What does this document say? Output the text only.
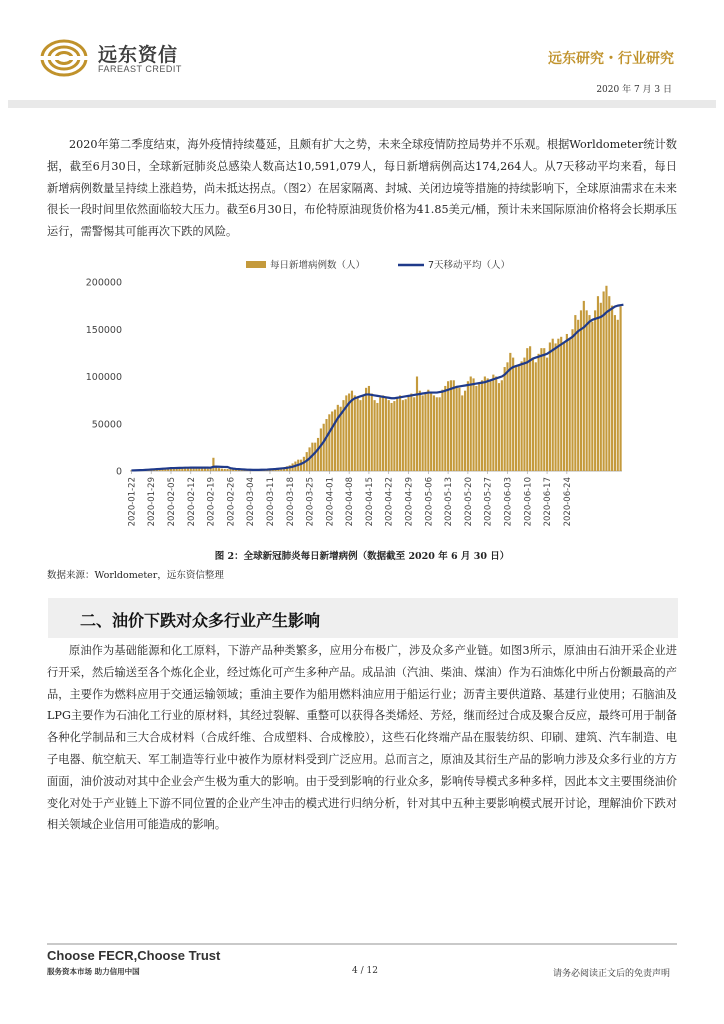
远东资信
FAREAST CREDIT
远东研究・行业研究
2020 年 7 月 3 日

2020年第二季度结束，海外疫情持续蔓延，且颇有扩大之势，未来全球疫情防控局势并不乐观。根据Worldometer统计数据，截至6月30日，全球新冠肺炎总感染人数高达10,591,079人，每日新增病例高达174,264人。从7天移动平均来看，每日新增病例数量呈持续上涨趋势，尚未抵达拐点。（图2）在居家隔离、封城、关闭边境等措施的持续影响下，全球原油需求在未来很长一段时间里依然面临较大压力。截至6月30日，布伦特原油现货价格为41.85美元/桶，预计未来国际原油价格将会长期承压运行，需警惕其可能再次下跌的风险。

每日新增病例数（人）	7天移动平均（人）
0
50000
100000
150000
200000
2020-01-22 2020-01-29 2020-02-05 2020-02-12 2020-02-19 2020-02-26 2020-03-04 2020-03-11 2020-03-18 2020-03-25 2020-04-01 2020-04-08 2020-04-15 2020-04-22 2020-04-29 2020-05-06 2020-05-13 2020-05-20 2020-05-27 2020-06-03 2020-06-10 2020-06-17 2020-06-24
图 2：全球新冠肺炎每日新增病例（数据截至 2020 年 6 月 30 日）
数据来源：Worldometer，远东资信整理
二、油价下跌对众多行业产生影响

原油作为基础能源和化工原料，下游产品种类繁多，应用分布极广，涉及众多产业链。如图3所示，原油由石油开采企业进行开采，然后输送至各个炼化企业，经过炼化可产生多种产品。成品油（汽油、柴油、煤油）作为石油炼化中所占份额最高的产品，主要作为燃料应用于交通运输领域；重油主要作为船用燃料油应用于船运行业；沥青主要供道路、基建行业使用；石脑油及LPG主要作为石油化工行业的原材料，其经过裂解、重整可以获得各类烯烃、芳烃，继而经过合成及聚合反应，最终可用于制备各种化学制品和三大合成材料（合成纤维、合成塑料、合成橡胶），这些石化终端产品在服装纺织、印刷、建筑、汽车制造、电子电器、航空航天、军工制造等行业中被作为原材料受到广泛应用。总而言之，原油及其衍生产品的影响力涉及众多行业的方方面面，油价波动对其中企业会产生极为重大的影响。由于受到影响的行业众多，影响传导模式多种多样，因此本文主要围绕油价变化对处于产业链上下游不同位置的企业产生冲击的模式进行归纳分析，针对其中五种主要影响模式展开讨论，理解油价下跌对相关领域企业信用可能造成的影响。

Choose FECR,Choose Trust
服务资本市场 助力信用中国	4 / 12	请务必阅读正文后的免责声明
